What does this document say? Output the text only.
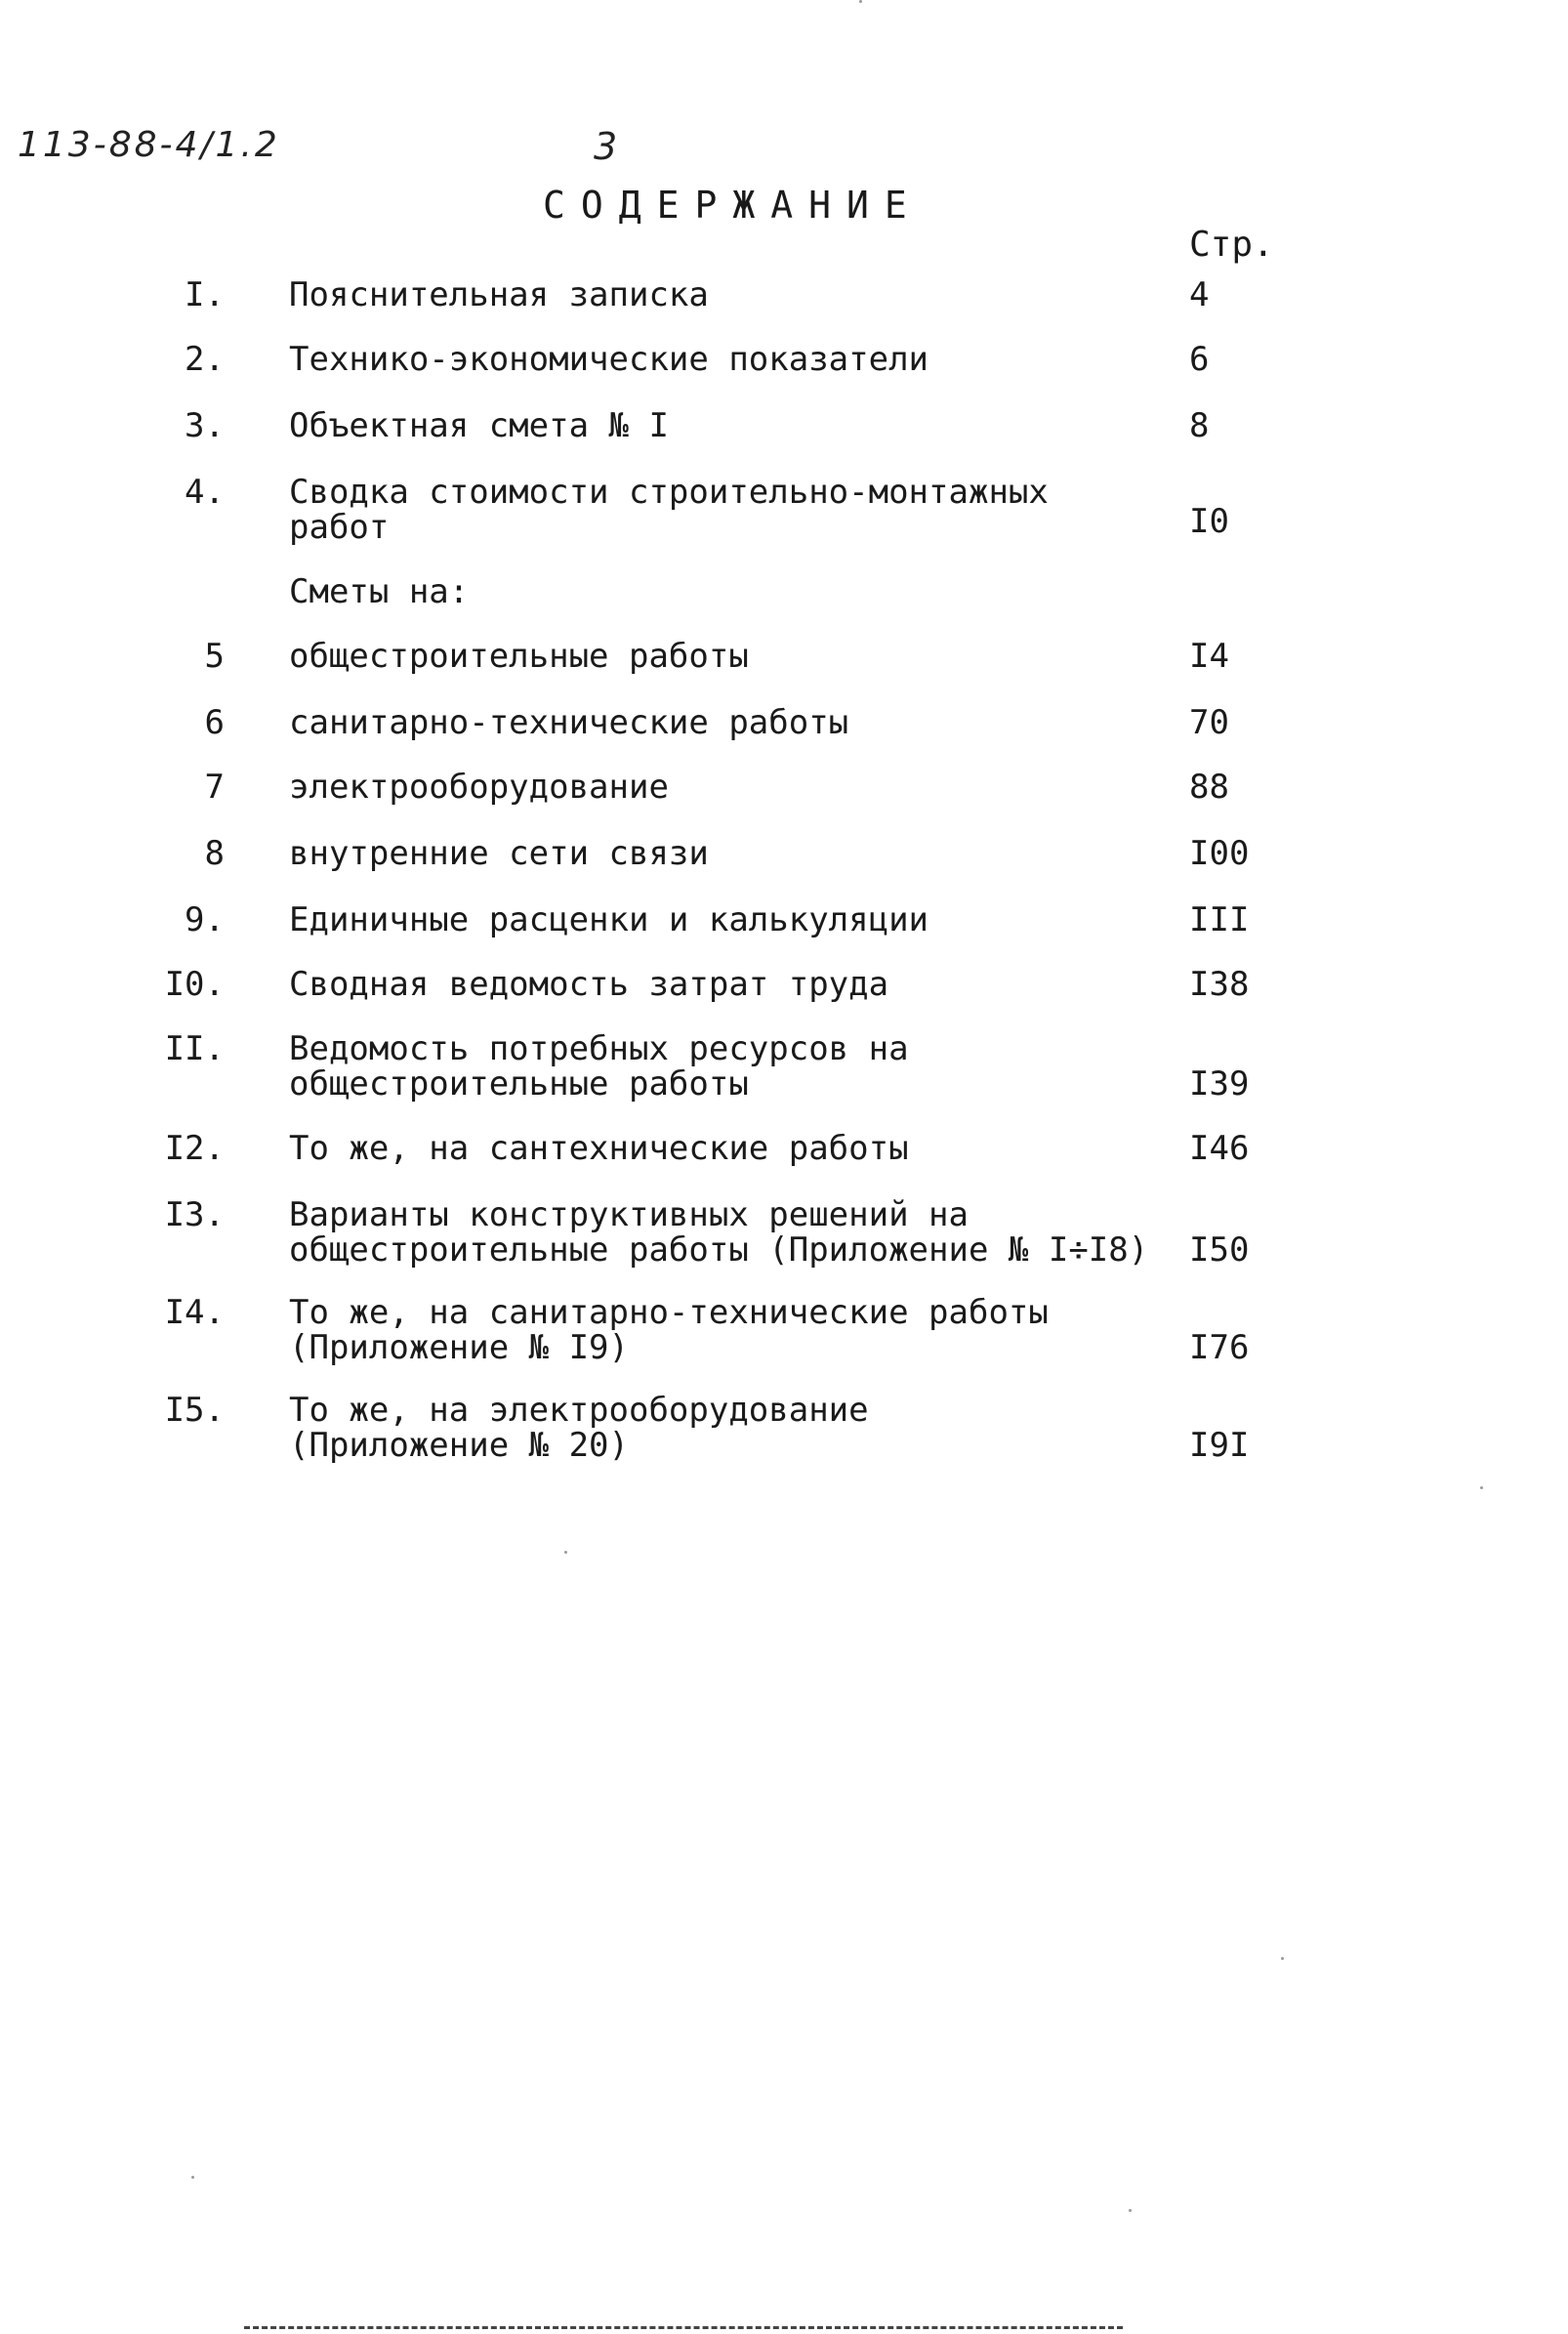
113-88-4/1.2	3
СОДЕРЖАНИЕ
Стр.
I. Пояснительная записка	4
2. Технико-экономические показатели	6
3. Объектная смета № I	8
4. Сводка стоимости строительно-монтажных
работ	I0
Сметы на:
5 общестроительные работы	I4
6 санитарно-технические работы	70
7 электрооборудование	88
8 внутренние сети связи	I00
9. Единичные расценки и калькуляции	III
I0. Сводная ведомость затрат труда	I38
II. Ведомость потребных ресурсов на
общестроительные работы	I39
I2. То же, на сантехнические работы	I46
I3. Варианты конструктивных решений на
общестроительные работы (Приложение № I÷I8)	I50
I4. То же, на санитарно-технические работы
(Приложение № I9)	I76
I5. То же, на электрооборудование
(Приложение № 20)	I9I
